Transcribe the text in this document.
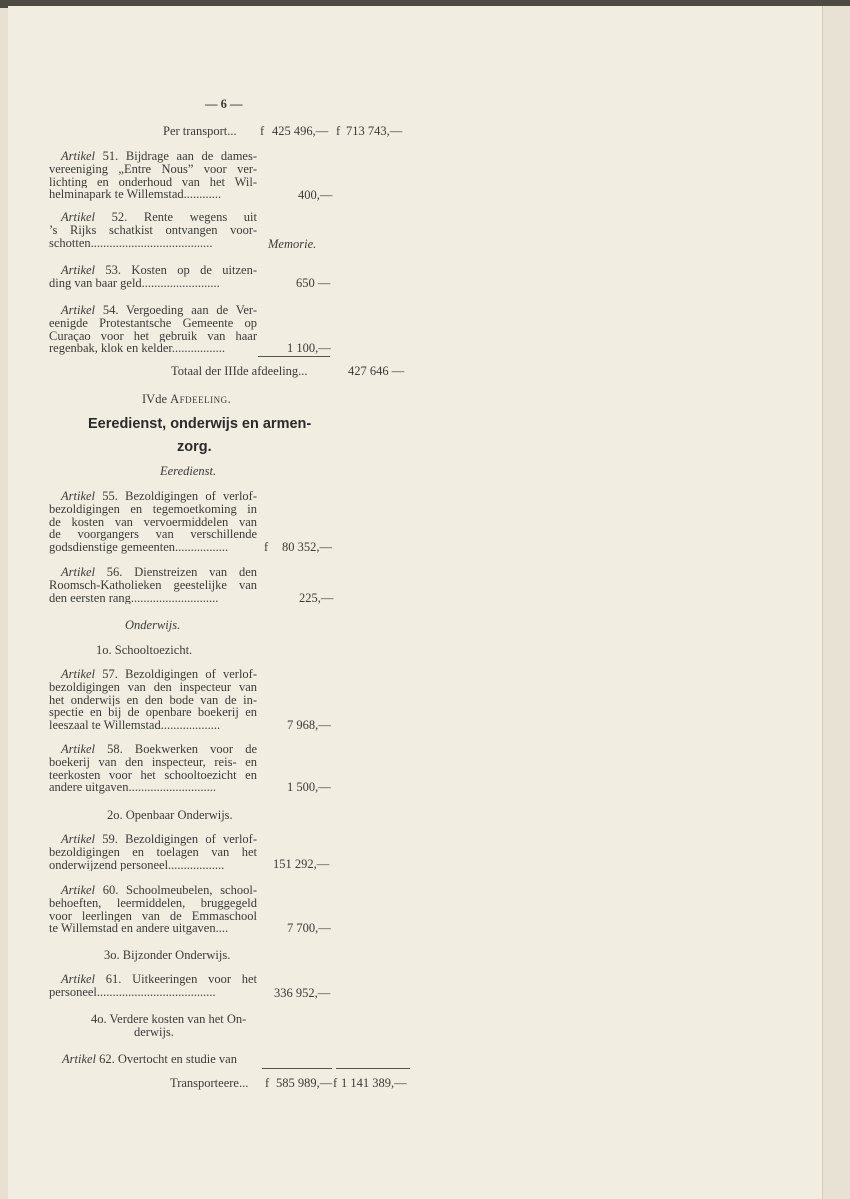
— 6 —
Per transport... f 425 496,— f 713 743,—
Artikel 51. Bijdrage aan de dames-
vereeniging „Entre Nous” voor ver-
lichting en onderhoud van het Wil-
helminapark te Willemstad............	400,—
Artikel 52. Rente wegens uit
’s Rijks schatkist ontvangen voor-
schotten.......................................	Memorie.
Artikel 53. Kosten op de uitzen-
ding van baar geld.........................	650 —
Artikel 54. Vergoeding aan de Ver-
eenigde Protestantsche Gemeente op
Curaçao voor het gebruik van haar
regenbak, klok en kelder.................	1 100,—
Totaal der IIIde afdeeling...	427 646 —
IVde Afdeeling.
Eeredienst, onderwijs en armen-
zorg.
Eeredienst.
Artikel 55. Bezoldigingen of verlof-
bezoldigingen en tegemoetkoming in
de kosten van vervoermiddelen van
de voorgangers van verschillende
godsdienstige gemeenten.................	f 80 352,—
Artikel 56. Dienstreizen van den
Roomsch-Katholieken geestelijke van
den eersten rang............................	225,—
Onderwijs.
1o. Schooltoezicht.
Artikel 57. Bezoldigingen of verlof-
bezoldigingen van den inspecteur van
het onderwijs en den bode van de in-
spectie en bij de openbare boekerij en
leeszaal te Willemstad...................	7 968,—
Artikel 58. Boekwerken voor de
boekerij van den inspecteur, reis- en
teerkosten voor het schooltoezicht en
andere uitgaven............................	1 500,—
2o. Openbaar Onderwijs.
Artikel 59. Bezoldigingen of verlof-
bezoldigingen en toelagen van het
onderwijzend personeel..................	151 292,—
Artikel 60. Schoolmeubelen, school-
behoeften, leermiddelen, bruggegeld
voor leerlingen van de Emmaschool
te Willemstad en andere uitgaven....	7 700,—
3o. Bijzonder Onderwijs.
Artikel 61. Uitkeeringen voor het
personeel......................................	336 952,—
4o. Verdere kosten van het On-
derwijs.
Artikel 62. Overtocht en studie van
Transporteere... f 585 989,— f 1 141 389,—
